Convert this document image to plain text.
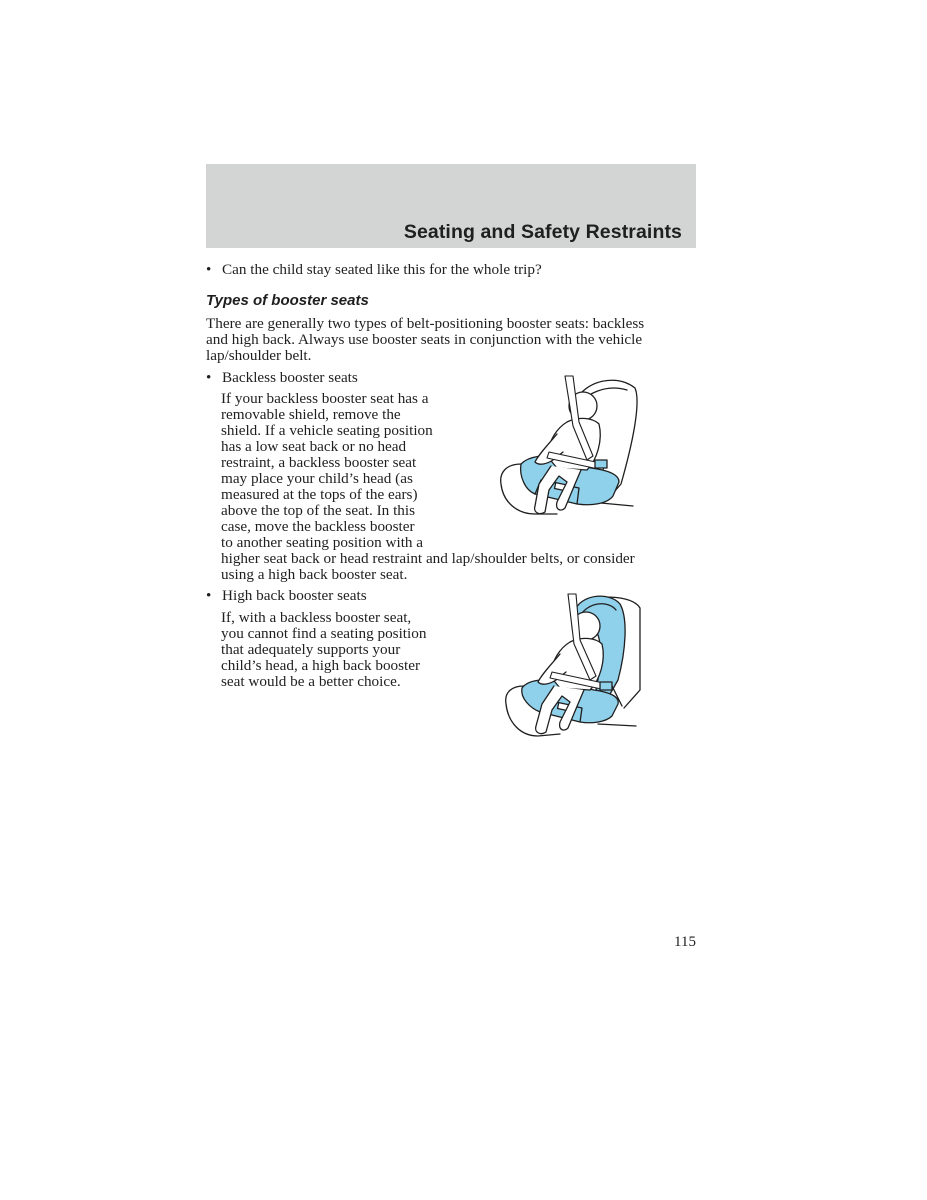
Seating and Safety Restraints
• Can the child stay seated like this for the whole trip?
Types of booster seats
There are generally two types of belt-positioning booster seats: backless
and high back. Always use booster seats in conjunction with the vehicle
lap/shoulder belt.
• Backless booster seats
If your backless booster seat has a
removable shield, remove the
shield. If a vehicle seating position
has a low seat back or no head
restraint, a backless booster seat
may place your child’s head (as
measured at the tops of the ears)
above the top of the seat. In this
case, move the backless booster
to another seating position with a
higher seat back or head restraint and lap/shoulder belts, or consider
using a high back booster seat.
• High back booster seats
If, with a backless booster seat,
you cannot find a seating position
that adequately supports your
child’s head, a high back booster
seat would be a better choice.
115
